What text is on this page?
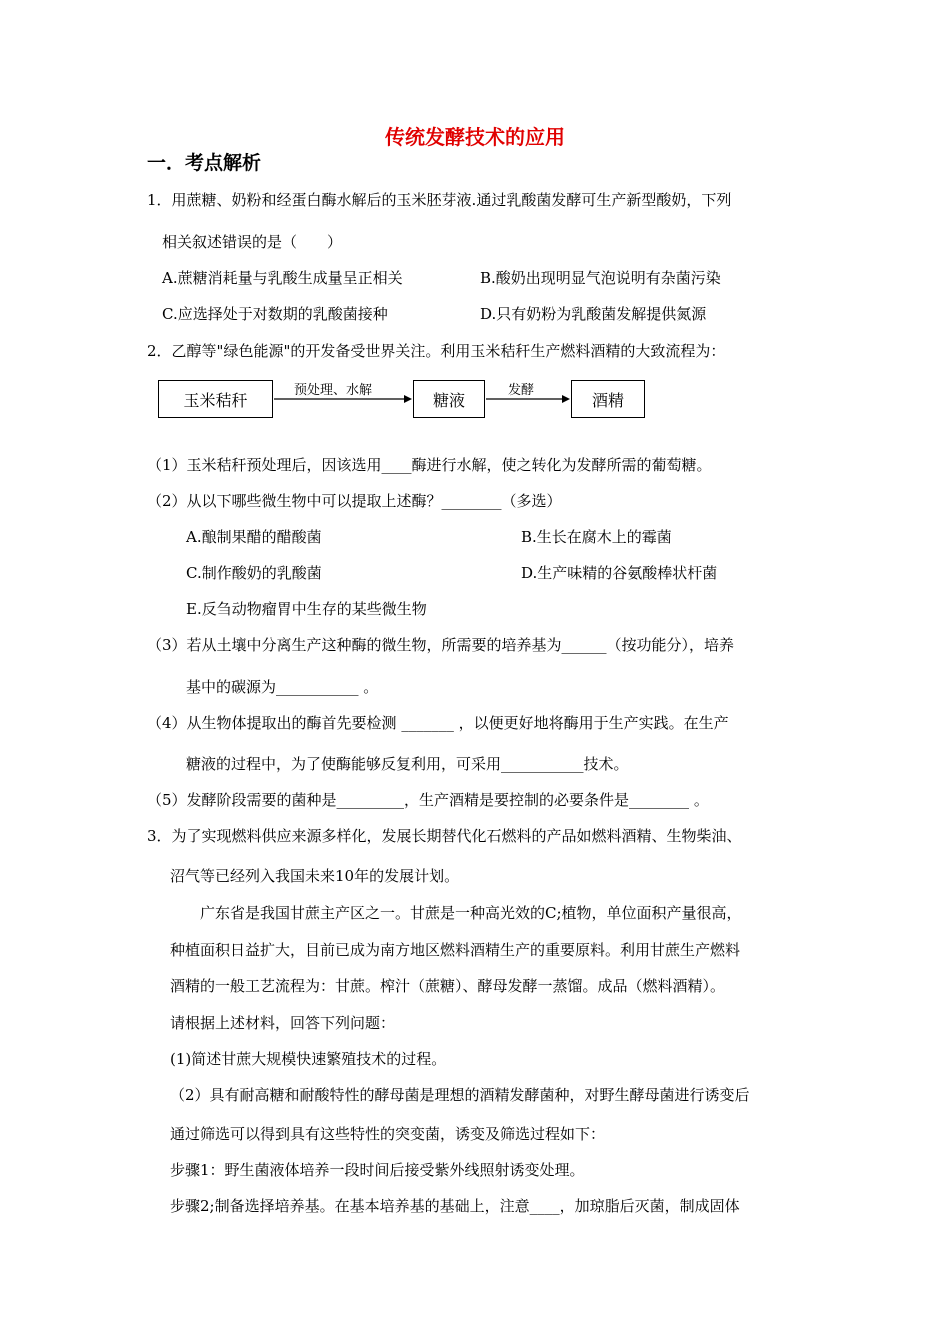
传统发酵技术的应用
一．考点解析
1．用蔗糖、奶粉和经蛋白酶水解后的玉米胚芽液.通过乳酸菌发酵可生产新型酸奶，下列
相关叙述错误的是（　　）
A.蔗糖消耗量与乳酸生成量呈正相关	B.酸奶出现明显气泡说明有杂菌污染
C.应选择处于对数期的乳酸菌接种	D.只有奶粉为乳酸菌发解提供氮源
2．乙醇等"绿色能源"的开发备受世界关注。利用玉米秸秆生产燃料酒精的大致流程为：
玉米秸秆	预处理、水解	糖液	发酵	酒精
（1）玉米秸秆预处理后，因该选用____酶进行水解，使之转化为发酵所需的葡萄糖。
（2）从以下哪些微生物中可以提取上述酶？________（多选）
A.酿制果醋的醋酸菌	B.生长在腐木上的霉菌
C.制作酸奶的乳酸菌	D.生产味精的谷氨酸棒状杆菌
E.反刍动物瘤胃中生存的某些微生物
（3）若从土壤中分离生产这种酶的微生物，所需要的培养基为______（按功能分），培养
基中的碳源为___________ 。
（4）从生物体提取出的酶首先要检测 _______ ，以便更好地将酶用于生产实践。在生产
糖液的过程中，为了使酶能够反复利用，可采用___________技术。
（5）发酵阶段需要的菌种是_________，生产酒精是要控制的必要条件是________ 。
3．为了实现燃料供应来源多样化，发展长期替代化石燃料的产品如燃料酒精、生物柴油、
沼气等已经列入我国未来10年的发展计划。
广东省是我国甘蔗主产区之一。甘蔗是一种高光效的C;植物，单位面积产量很高，
种植面积日益扩大，目前已成为南方地区燃料酒精生产的重要原料。利用甘蔗生产燃料
酒精的一般工艺流程为：甘蔗。榨汁（蔗糖）、酵母发酵一蒸馏。成品（燃料酒精）。
请根据上述材料，回答下列问题：
(1)简述甘蔗大规模快速繁殖技术的过程。
（2）具有耐高糖和耐酸特性的酵母菌是理想的酒精发酵菌种，对野生酵母菌进行诱变后
通过筛选可以得到具有这些特性的突变菌，诱变及筛选过程如下：
步骤1：野生菌液体培养一段时间后接受紫外线照射诱变处理。
步骤2;制备选择培养基。在基本培养基的基础上，注意____，加琼脂后灭菌，制成固体
